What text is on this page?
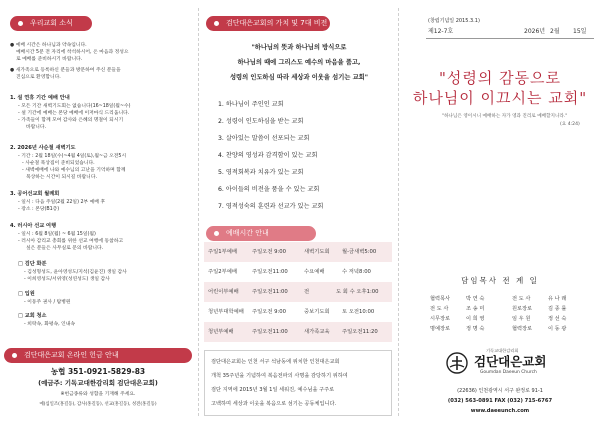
우리교회 소식
● 예배 시간은 하나님과 약속입니다.
예배시간 5분 전 자리에 착석하시어, 온 마음과 정성으
로 예배를 준비하시기 바랍니다.
● 새가족으로 등록하신 분들과 방문하여 주신 분들을
진심으로 환영합니다.
1. 설 연휴 기간 예배 안내
- 모든 기간 새벽기도회는 없습니다(16~18일(월~수)
- 설 기간에 예배는 본당 예배에 이저마식 드리웁니다.
- 가족들이 함께 모여 감사와 은혜의 명절이 되시기
바랍니다.
2. 2026년 사순절 새벽기도
- 기간 : 2월 18일(수)~4월 4일(토),월~금 오전5시
- 사순절 묵상집이 준비되었습니다.
- 새벽예배에 나와 예수님의 고난을 기억하며 함께
묵상하는 시간이 되시길 바랍니다.
3. 공어선교회 월례회
- 일시 : 다음 주일(2월 22일) 2부 예배 후
- 장소 : 본당(B1층)
4. 러시아 선교 여행
- 일시 : 6월 8일(월) ~ 6월 15일(월)
- 러시아 감리교 총회를 위한 선교 여행에 동참하고
싶은 분들은 사무실로 문의 바랍니다.
□ 검단 화분
- 김성형성도, 윤아영성도/지석(김윤진) 생일 감사
- 이희영성도/서위영(성연성도) 생일 감사
□ 입원
- 이동주 권사 / 탐병원
□ 교회 청소
- 희락속, 화평속, 인내속
검단대은교회 온라인 헌금 안내
농협 351-0921-5829-83
(예금주: 기독교대한감리회 검단대은교회)
※헌금종류와 성함을 기재해 주세요.
예)십일조(홍길동), 감사(홍길동), 선교(홍길동), 성전(홍길동)
검단대은교회의 가치 및 7대 비전
"하나님의 뜻과 하나님의 방식으로
하나님의 때에 그리스도 예수의 마음을 품고,
성령의 인도하심 따라 세상과 이웃을 섬기는 교회"
1. 하나님이 주인인 교회
2. 성령이 인도하심을 받는 교회
3. 살아있는 말씀이 선포되는 교회
4. 찬양의 영성과 감격함이 있는 교회
5. 영적회복과 치유가 있는 교회
6. 아이들의 비전을 품을 수 있는 교회
7. 영적성숙의 훈련과 선교가 있는 교회
예배시간 안내
주일1부예배	주일오전 9:00	새벽기도회 월-금새벽5:00
주일2부예배	주일오전11:00	수요예배	수 저녁8:00
어린이부예배	주일오전11:00	전	도 회 수 오후1:00
청년부대학예배 주일오전 9:00	중보기도회 토 오전10:00
청년부예배	주일오전11:00	새가족교육 주일오전11:20
검단대은교회는 인천 서구 석남동에 위치한 인천대은교회
개척 35주년을 기념하여 복음전파의 사명을 감당하기 위하여
검단 지역에 2015년 3월 1일 세워진, 예수님을 구주로
고백하며 세상과 이웃을 복음으로 섬기는 공동체입니다.
(창립기념일 2015.3.1)
제12-7호	2026년 2월 15일
"성령의 감동으로
하나님이 이끄시는 교회"
"하나님은 영이시니 예배하는 자가 영과 진리로 예배할지니라."
(요 4:24)
담임목사 전 계 일
협력목사	박 연 숙	전 도 사	유 나 래
전 도 사	조 송 미	원로장로	김 종 률
시무장로	이 희 영	임 우 원	정 선 숙
명예장로	정 명 숙	협력장로	이 동 광
기독교대한감리회
검단대은교회
Goumdan Daeeun Church
(22636) 인천광역시 서구 완정로 91-1
(032) 563-0891 FAX (032) 715-6767
www.daeeunch.com
